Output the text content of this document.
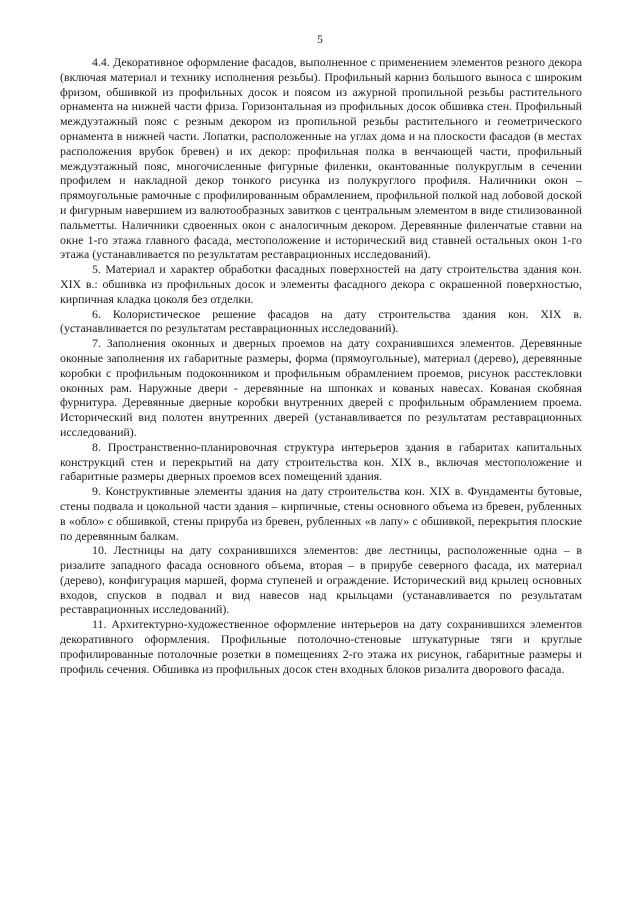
5

4.4. Декоративное оформление фасадов, выполненное с применением элементов резного декора (включая материал и технику исполнения резьбы). Профильный карниз большого выноса с широким фризом, обшивкой из профильных досок и поясом из ажурной пропильной резьбы растительного орнамента на нижней части фриза. Горизонтальная из профильных досок обшивка стен. Профильный междуэтажный пояс с резным декором из пропильной резьбы растительного и геометрического орнамента в нижней части. Лопатки, расположенные на углах дома и на плоскости фасадов (в местах расположения врубок бревен) и их декор: профильная полка в венчающей части, профильный междуэтажный пояс, многочисленные фигурные филенки, окантованные полукруглым в сечении профилем и накладной декор тонкого рисунка из полукруглого профиля. Наличники окон – прямоугольные рамочные с профилированным обрамлением, профильной полкой над лобовой доской и фигурным навершием из валютообразных завитков с центральным элементом в виде стилизованной пальметты. Наличники сдвоенных окон с аналогичным декором. Деревянные филенчатые ставни на окне 1-го этажа главного фасада, местоположение и исторический вид ставней остальных окон 1-го этажа (устанавливается по результатам реставрационных исследований).

5. Материал и характер обработки фасадных поверхностей на дату строительства здания кон. XIX в.: обшивка из профильных досок и элементы фасадного декора с окрашенной поверхностью, кирпичная кладка цоколя без отделки.

6. Колористическое решение фасадов на дату строительства здания кон. XIX в. (устанавливается по результатам реставрационных исследований).

7. Заполнения оконных и дверных проемов на дату сохранившихся элементов. Деревянные оконные заполнения их габаритные размеры, форма (прямоугольные), материал (дерево), деревянные коробки с профильным подоконником и профильным обрамлением проемов, рисунок расстекловки оконных рам. Наружные двери - деревянные на шпонках и кованых навесах. Кованая скобяная фурнитура. Деревянные дверные коробки внутренних дверей с профильным обрамлением проема. Исторический вид полотен внутренних дверей (устанавливается по результатам реставрационных исследований).

8. Пространственно-планировочная структура интерьеров здания в габаритах капитальных конструкций стен и перекрытий на дату строительства кон. XIX в., включая местоположение и габаритные размеры дверных проемов всех помещений здания.

9. Конструктивные элементы здания на дату строительства кон. XIX в. Фундаменты бутовые, стены подвала и цокольной части здания – кирпичные, стены основного объема из бревен, рубленных в «обло» с обшивкой, стены прируба из бревен, рубленных «в лапу» с обшивкой, перекрытия плоские по деревянным балкам.

10. Лестницы на дату сохранившихся элементов: две лестницы, расположенные одна – в ризалите западного фасада основного объема, вторая – в прирубе северного фасада, их материал (дерево), конфигурация маршей, форма ступеней и ограждение. Исторический вид крылец основных входов, спусков в подвал и вид навесов над крыльцами (устанавливается по результатам реставрационных исследований).

11. Архитектурно-художественное оформление интерьеров на дату сохранившихся элементов декоративного оформления. Профильные потолочно-стеновые штукатурные тяги и круглые профилированные потолочные розетки в помещениях 2-го этажа их рисунок, габаритные размеры и профиль сечения. Обшивка из профильных досок стен входных блоков ризалита дворового фасада.
